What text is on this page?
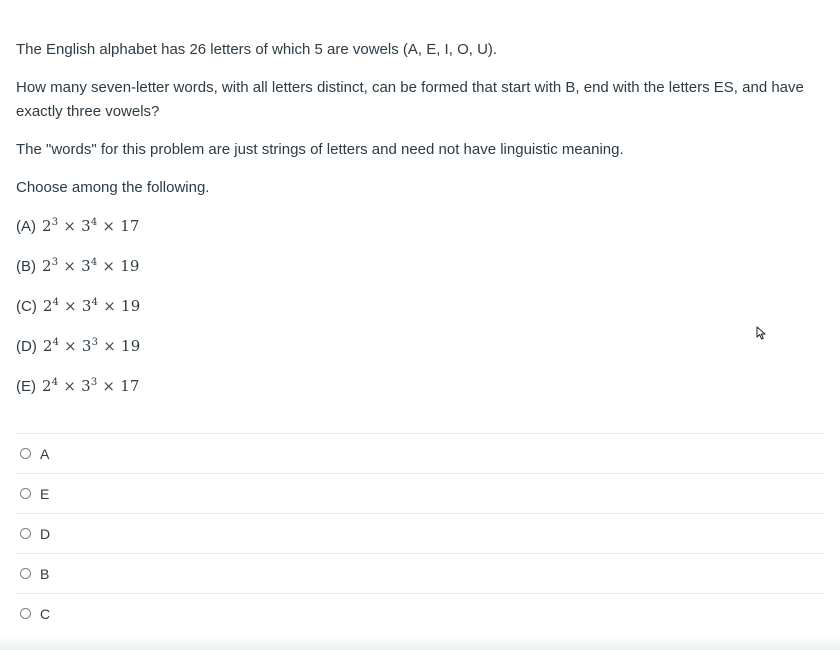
The English alphabet has 26 letters of which 5 are vowels (A, E, I, O, U).

How many seven-letter words, with all letters distinct, can be formed that start with B, end with the letters ES, and have exactly three vowels?

The "words" for this problem are just strings of letters and need not have linguistic meaning.

Choose among the following.

(A) $2^3 \times 3^4 \times 17$
(B) $2^3 \times 3^4 \times 19$
(C) $2^4 \times 3^4 \times 19$
(D) $2^4 \times 3^3 \times 19$
(E) $2^4 \times 3^3 \times 17$
A
E
D
B
C
